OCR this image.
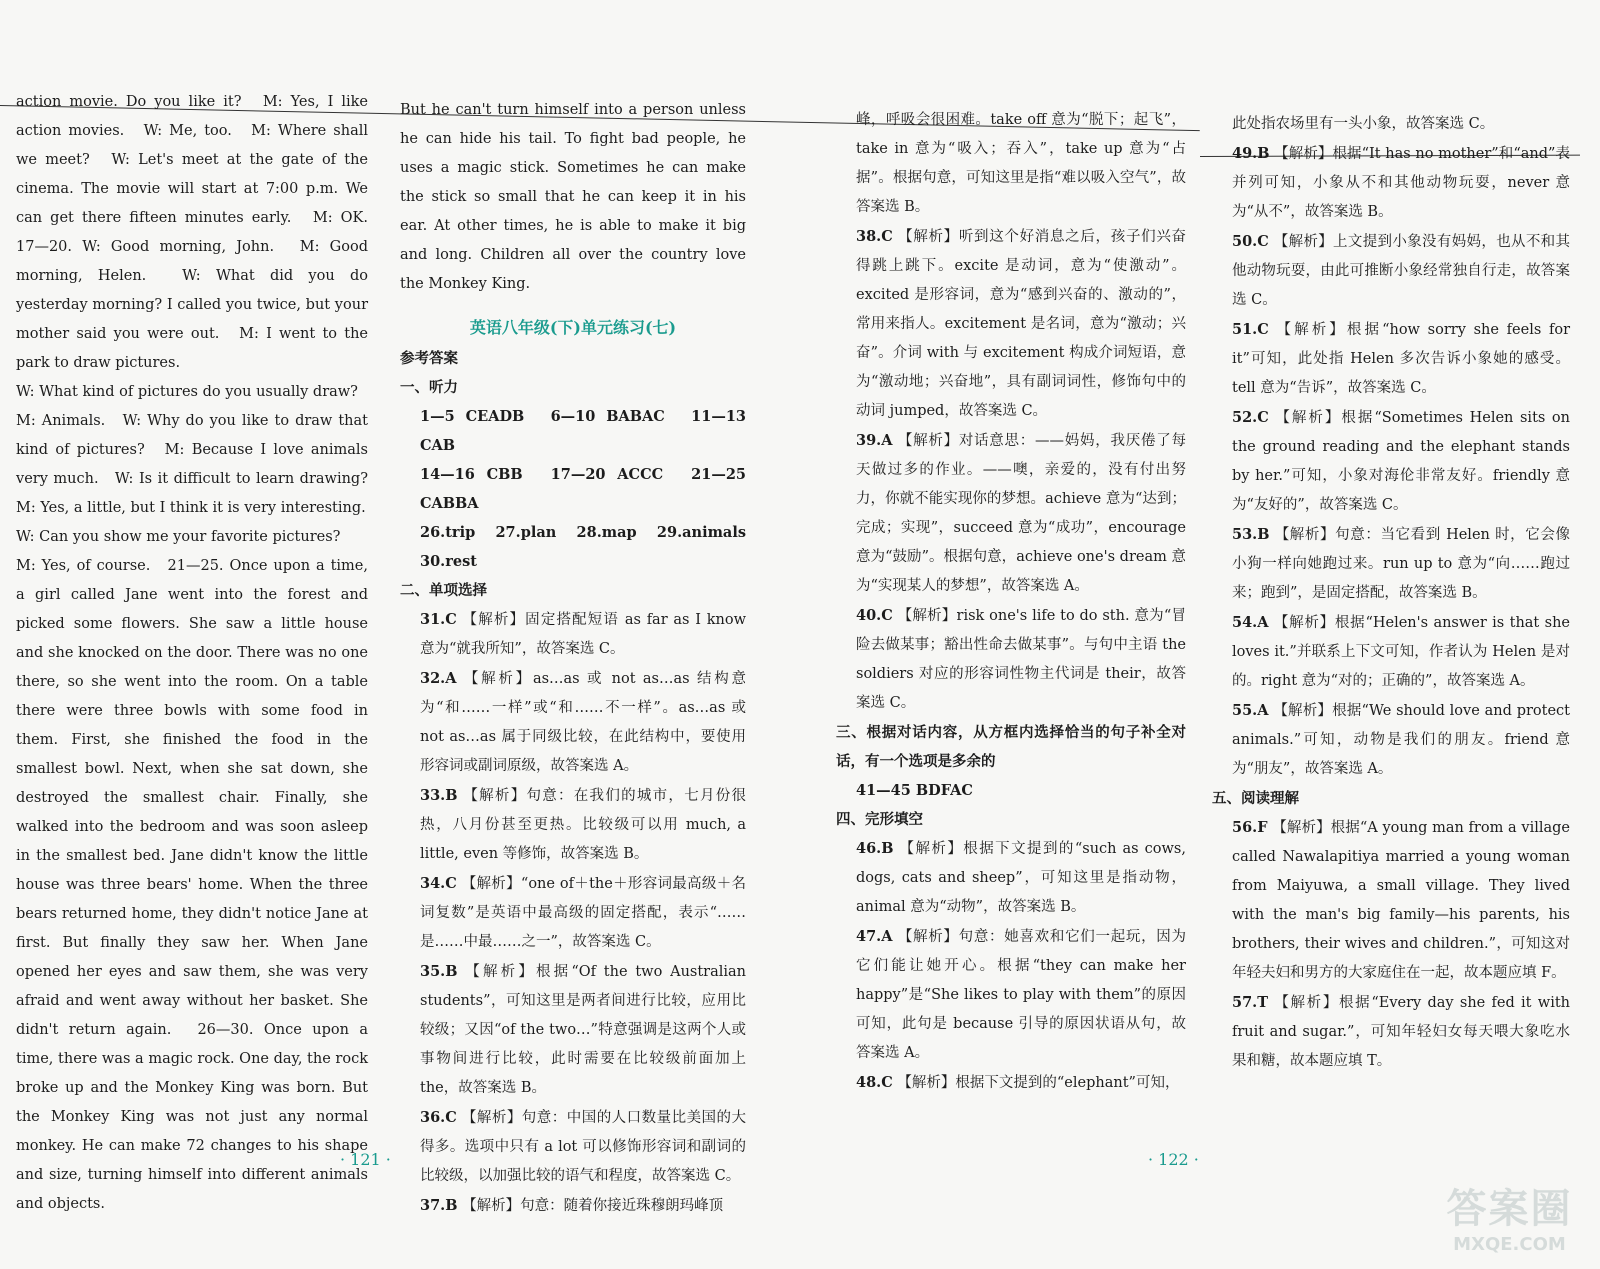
action movie. Do you like it?　M: Yes, I like action movies.　W: Me, too.　M: Where shall we meet?　W: Let's meet at the gate of the cinema. The movie will start at 7:00 p.m. We can get there fifteen minutes early.　M: OK.　17—20. W: Good morning, John.　M: Good morning, Helen.　W: What did you do yesterday morning? I called you twice, but your mother said you were out.　M: I went to the park to draw pictures.

W: What kind of pictures do you usually draw?

M: Animals.　W: Why do you like to draw that kind of pictures?　M: Because I love animals very much.　W: Is it difficult to learn drawing?　M: Yes, a little, but I think it is very interesting.

W: Can you show me your favorite pictures?

M: Yes, of course.　21—25. Once upon a time, a girl called Jane went into the forest and picked some flowers. She saw a little house and she knocked on the door. There was no one there, so she went into the room. On a table there were three bowls with some food in them. First, she finished the food in the smallest bowl. Next, when she sat down, she destroyed the smallest chair. Finally, she walked into the bedroom and was soon asleep in the smallest bed. Jane didn't know the little house was three bears' home. When the three bears returned home, they didn't notice Jane at first. But finally they saw her. When Jane opened her eyes and saw them, she was very afraid and went away without her basket. She didn't return again.　26—30. Once upon a time, there was a magic rock. One day, the rock broke up and the Monkey King was born. But the Monkey King was not just any normal monkey. He can make 72 changes to his shape and size, turning himself into different animals and objects.

But he can't turn himself into a person unless he can hide his tail. To fight bad people, he uses a magic stick. Sometimes he can make the stick so small that he can keep it in his ear. At other times, he is able to make it big and long. Children all over the country love the Monkey King.

英语八年级(下)单元练习(七)

参考答案

一、听力

1—5 CEADB　6—10 BABAC　11—13 CAB

14—16 CBB　17—20 ACCC　21—25 CABBA

26.trip　27.plan　28.map　29.animals　30.rest

二、单项选择

31.C 【解析】固定搭配短语 as far as I know 意为“就我所知”，故答案选 C。

32.A 【解析】as…as 或 not as…as 结构意为“和……一样”或“和……不一样”。as…as 或 not as…as 属于同级比较，在此结构中，要使用形容词或副词原级，故答案选 A。

33.B 【解析】句意：在我们的城市，七月份很热，八月份甚至更热。比较级可以用 much, a little, even 等修饰，故答案选 B。

34.C 【解析】“one of＋the＋形容词最高级＋名词复数”是英语中最高级的固定搭配，表示“……是……中最……之一”，故答案选 C。

35.B 【解析】根据“Of the two Australian students”，可知这里是两者间进行比较，应用比较级；又因“of the two…”特意强调是这两个人或事物间进行比较，此时需要在比较级前面加上 the，故答案选 B。

36.C 【解析】句意：中国的人口数量比美国的大得多。选项中只有 a lot 可以修饰形容词和副词的比较级，以加强比较的语气和程度，故答案选 C。

37.B 【解析】句意：随着你接近珠穆朗玛峰顶

· 121 ·

峰，呼吸会很困难。take off 意为“脱下；起飞”，take in 意为“吸入；吞入”，take up 意为“占据”。根据句意，可知这里是指“难以吸入空气”，故答案选 B。

38.C 【解析】听到这个好消息之后，孩子们兴奋得跳上跳下。excite 是动词，意为“使激动”。excited 是形容词，意为“感到兴奋的、激动的”，常用来指人。excitement 是名词，意为“激动；兴奋”。介词 with 与 excitement 构成介词短语，意为“激动地；兴奋地”，具有副词词性，修饰句中的动词 jumped，故答案选 C。

39.A 【解析】对话意思：——妈妈，我厌倦了每天做过多的作业。——噢，亲爱的，没有付出努力，你就不能实现你的梦想。achieve 意为“达到；完成；实现”，succeed 意为“成功”，encourage 意为“鼓励”。根据句意，achieve one's dream 意为“实现某人的梦想”，故答案选 A。

40.C 【解析】risk one's life to do sth. 意为“冒险去做某事；豁出性命去做某事”。与句中主语 the soldiers 对应的形容词性物主代词是 their，故答案选 C。

三、根据对话内容，从方框内选择恰当的句子补全对话，有一个选项是多余的

41—45 BDFAC

四、完形填空

46.B 【解析】根据下文提到的“such as cows, dogs, cats and sheep”，可知这里是指动物，animal 意为“动物”，故答案选 B。

47.A 【解析】句意：她喜欢和它们一起玩，因为它们能让她开心。根据“they can make her happy”是“She likes to play with them”的原因可知，此句是 because 引导的原因状语从句，故答案选 A。

48.C 【解析】根据下文提到的“elephant”可知，

此处指农场里有一头小象，故答案选 C。

49.B 【解析】根据“It has no mother”和“and”表并列可知，小象从不和其他动物玩耍，never 意为“从不”，故答案选 B。

50.C 【解析】上文提到小象没有妈妈，也从不和其他动物玩耍，由此可推断小象经常独自行走，故答案选 C。

51.C 【解析】根据“how sorry she feels for it”可知，此处指 Helen 多次告诉小象她的感受。tell 意为“告诉”，故答案选 C。

52.C 【解析】根据“Sometimes Helen sits on the ground reading and the elephant stands by her.”可知，小象对海伦非常友好。friendly 意为“友好的”，故答案选 C。

53.B 【解析】句意：当它看到 Helen 时，它会像小狗一样向她跑过来。run up to 意为“向……跑过来；跑到”，是固定搭配，故答案选 B。

54.A 【解析】根据“Helen's answer is that she loves it.”并联系上下文可知，作者认为 Helen 是对的。right 意为“对的；正确的”，故答案选 A。

55.A 【解析】根据“We should love and protect animals.”可知，动物是我们的朋友。friend 意为“朋友”，故答案选 A。

五、阅读理解

56.F 【解析】根据“A young man from a village called Nawalapitiya married a young woman from Maiyuwa, a small village. They lived with the man's big family—his parents, his brothers, their wives and children.”，可知这对年轻夫妇和男方的大家庭住在一起，故本题应填 F。

57.T 【解析】根据“Every day she fed it with fruit and sugar.”，可知年轻妇女每天喂大象吃水果和糖，故本题应填 T。

· 122 ·
答案圈
MXQE.COM
